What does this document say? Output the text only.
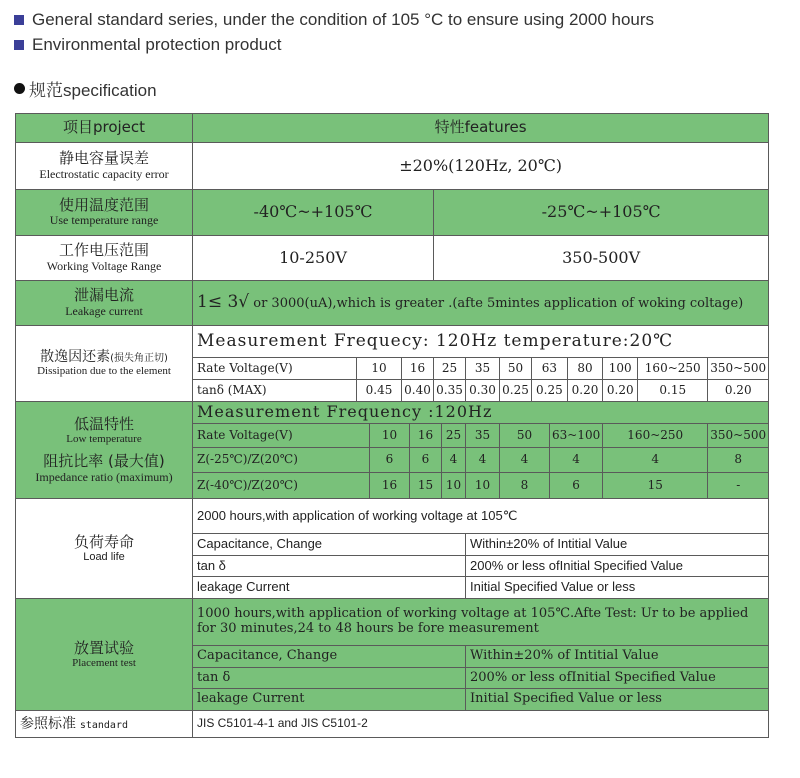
General standard series, under the condition of 105 °C to ensure using 2000 hours
Environmental protection product
规范specification
项目project	特性features														

静电容量误差
Electrostatic capacity error	±20%(120Hz, 20℃)														

使用温度范围
Use temperature range	-40℃~+105℃					-25℃~+105℃									

工作电压范围
Working Voltage Range	10-250V					350-500V									

泄漏电流
Leakage current	1≤ 3√ or 3000(uA),which is greater .(afte 5mintes application of woking coltage)														

散逸因还素(损失角正切)
Dissipation due to the element	Measurement Frequecy: 120Hz temperature:20℃														
	Rate Voltage(V)	10		16		25		35	50	63		80	100	160~250	350~500
	tanδ (MAX)	0.45		0.40		0.35		0.30	0.25	0.25		0.20	0.20	0.15	0.20

低温特性
Low temperature
阻抗比率 (最大值)
Impedance ratio (maximum)	Measurement Frequency :120Hz														
	Rate Voltage(V)		10		16		25	35	50		63~100		160~250		350~500
	Z(-25℃)/Z(20℃)		6		6		4	4	4		4		4		8
	Z(-40℃)/Z(20℃)		16		15		10	10	8		6		15		-

负荷寿命
Load life	2000 hours,with application of working voltage at 105℃														
	Capacitance, Change							Within±20% of Intitial Value							
	tan δ							200% or less ofInitial Specified Value							
	leakage Current							Initial Specified Value or less							

放置试验
Placement test	1000 hours,with application of working voltage at 105℃.Afte Test: Ur to be applied for 30 minutes,24 to 48 hours be fore measurement														
	Capacitance, Change							Within±20% of Intitial Value							
	tan δ							200% or less ofInitial Specified Value							
	leakage Current							Initial Specified Value or less							
参照标准 standard	JIS C5101-4-1 and JIS C5101-2														
